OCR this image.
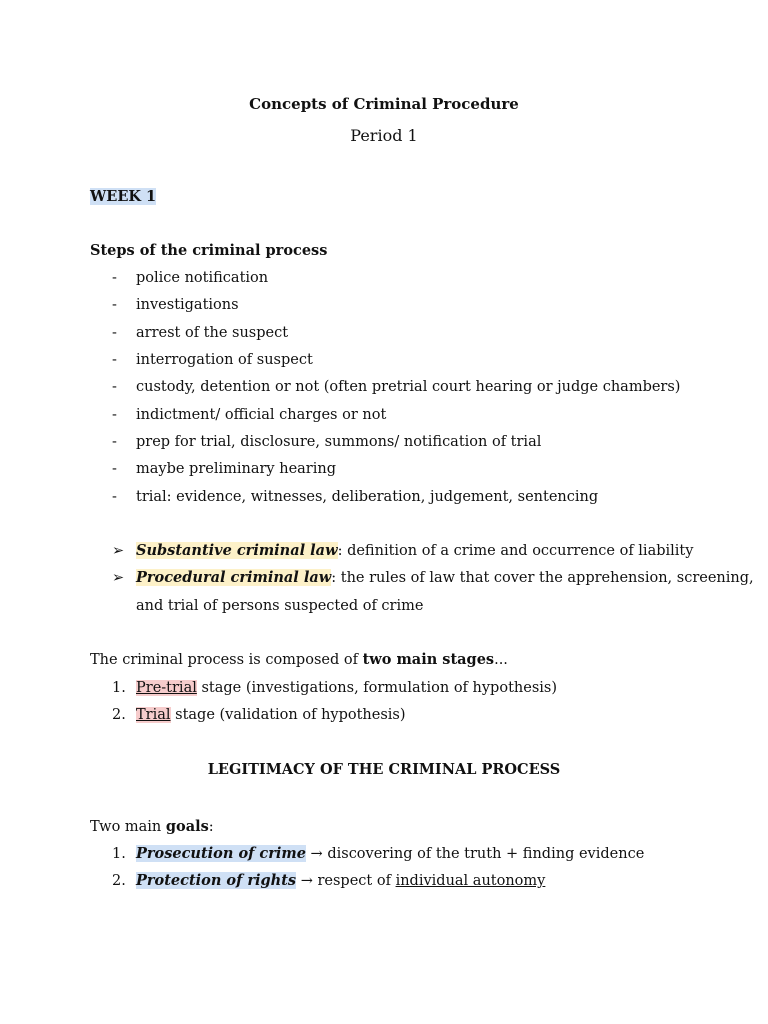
Concepts of Criminal Procedure
Period 1
WEEK 1
Steps of the criminal process
- police notification
- investigations
- arrest of the suspect
- interrogation of suspect
- custody, detention or not (often pretrial court hearing or judge chambers)
- indictment/ official charges or not
- prep for trial, disclosure, summons/ notification of trial
- maybe preliminary hearing
- trial: evidence, witnesses, deliberation, judgement, sentencing
➢ Substantive criminal law: definition of a crime and occurrence of liability
➢ Procedural criminal law: the rules of law that cover the apprehension, screening,
and trial of persons suspected of crime
The criminal process is composed of two main stages...
1. Pre-trial stage (investigations, formulation of hypothesis)
2. Trial stage (validation of hypothesis)
LEGITIMACY OF THE CRIMINAL PROCESS
Two main goals:
1. Prosecution of crime → discovering of the truth + finding evidence
2. Protection of rights → respect of individual autonomy
